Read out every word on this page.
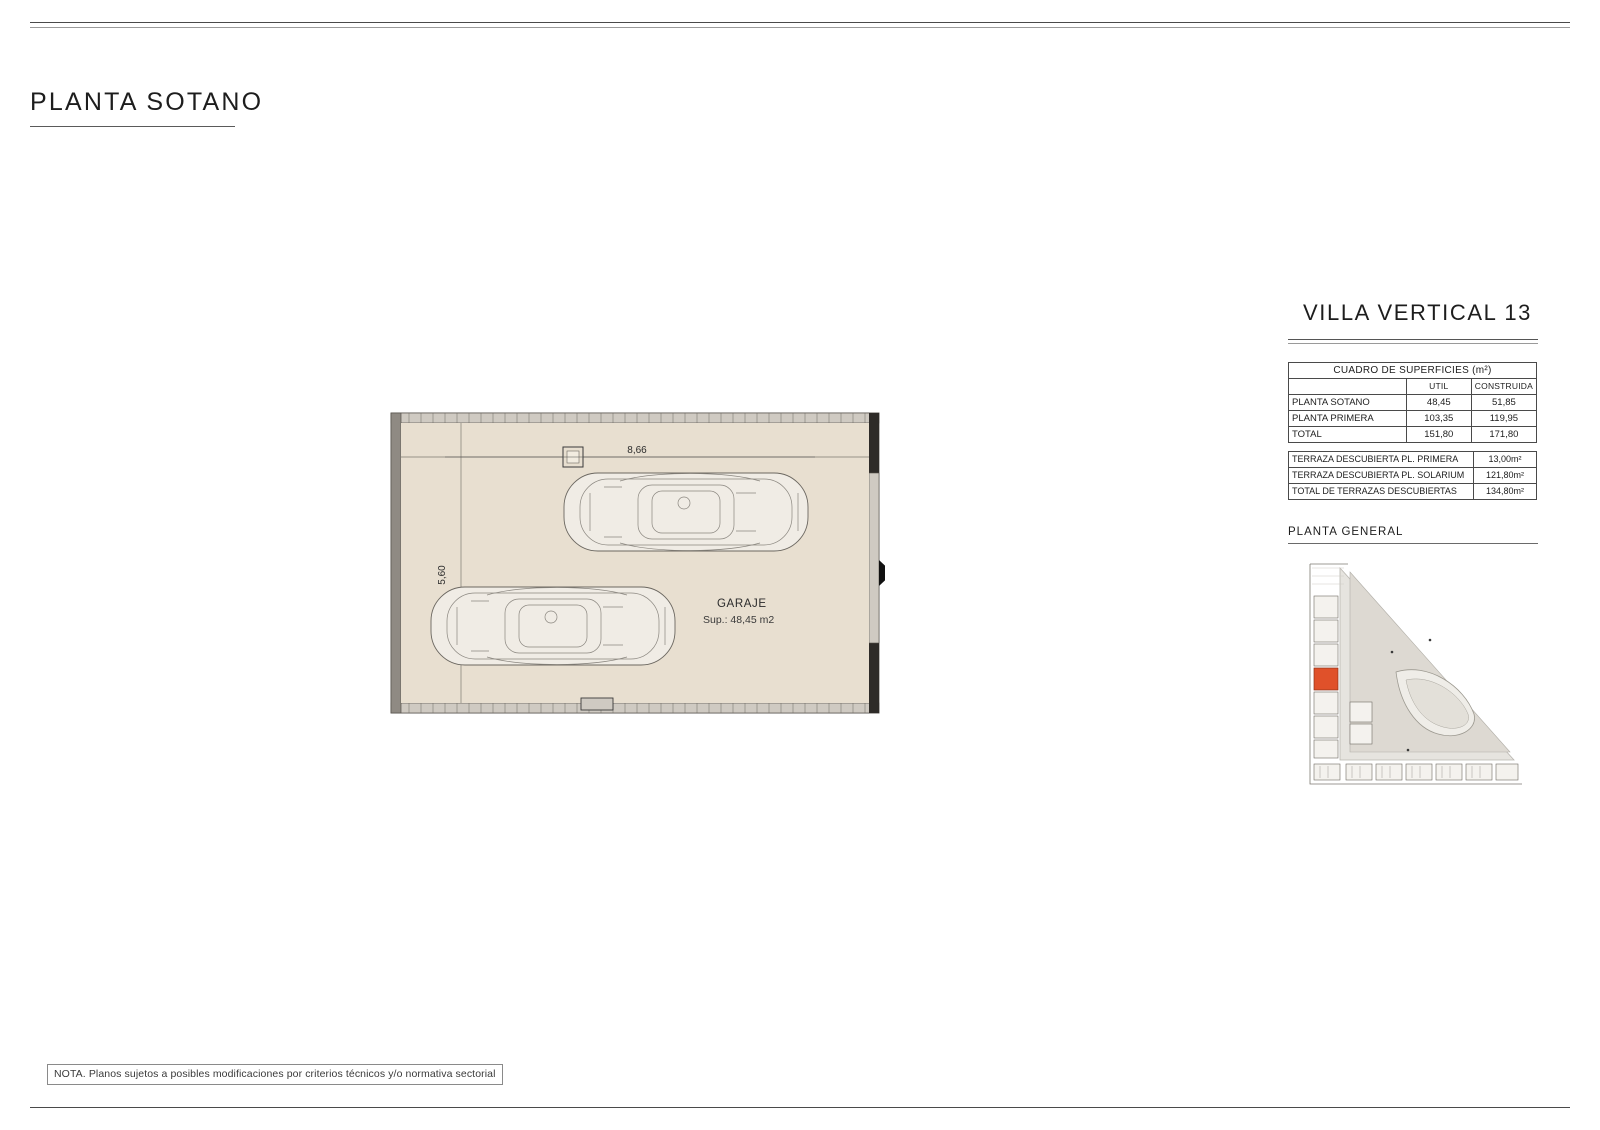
PLANTA SOTANO
8,66
5,60
GARAJE
Sup.: 48,45 m2
VILLA VERTICAL 13
CUADRO DE SUPERFICIES (m²)		
	UTIL	CONSTRUIDA
PLANTA SOTANO	48,45	51,85
PLANTA PRIMERA	103,35	119,95
TOTAL	151,80	171,80
TERRAZA DESCUBIERTA PL. PRIMERA	13,00m²
TERRAZA DESCUBIERTA PL. SOLARIUM	121,80m²
TOTAL DE TERRAZAS DESCUBIERTAS	134,80m²
PLANTA GENERAL
NOTA. Planos sujetos a posibles modificaciones por criterios técnicos y/o normativa sectorial
